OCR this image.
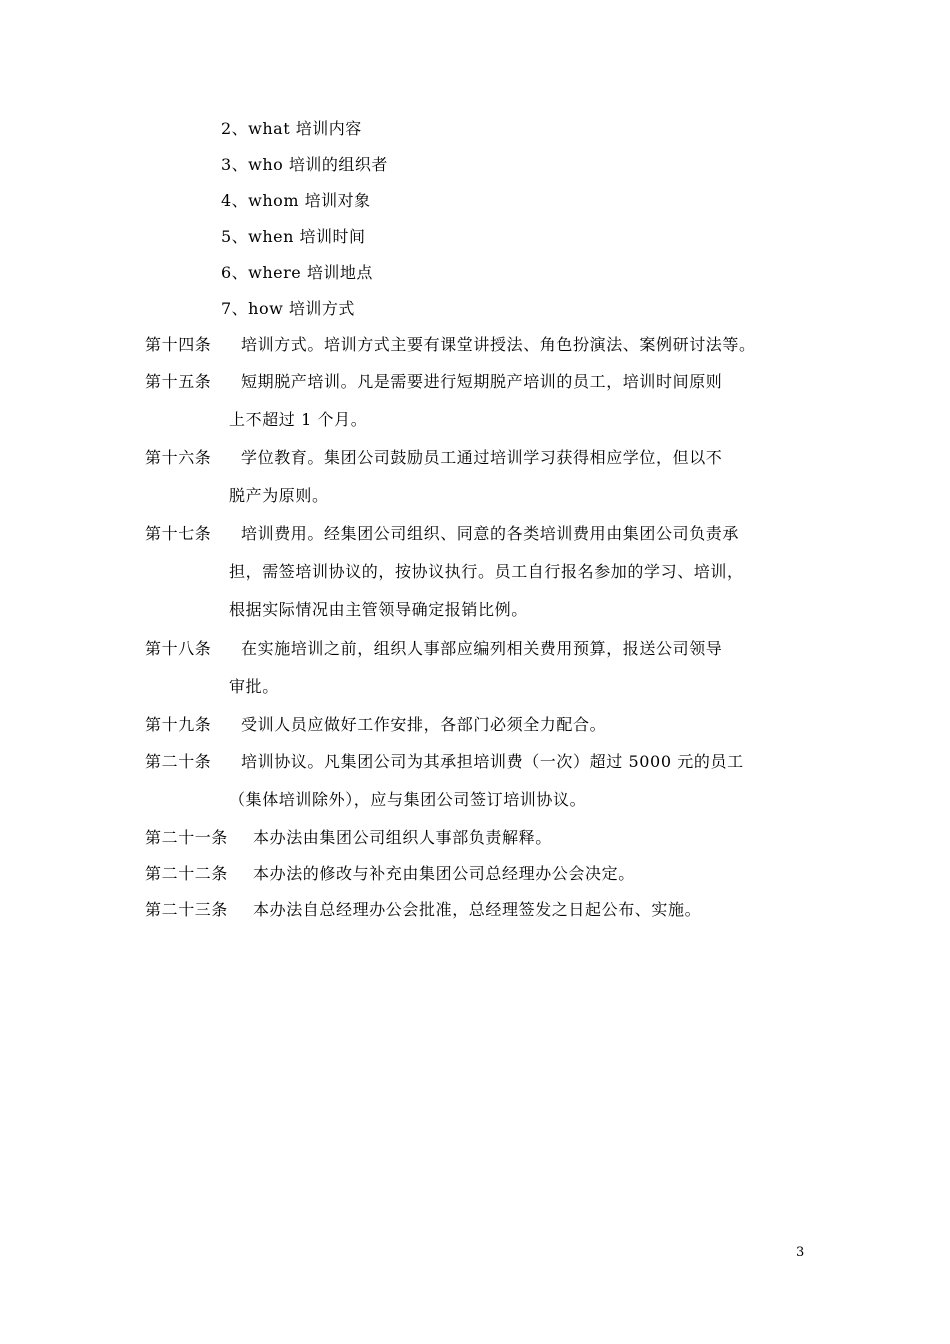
2、what 培训内容
3、who 培训的组织者
4、whom 培训对象
5、when 培训时间
6、where 培训地点
7、how 培训方式
第十四条 培训方式。培训方式主要有课堂讲授法、角色扮演法、案例研讨法等。
第十五条 短期脱产培训。凡是需要进行短期脱产培训的员工，培训时间原则
上不超过 1 个月。
第十六条 学位教育。集团公司鼓励员工通过培训学习获得相应学位，但以不
脱产为原则。
第十七条 培训费用。经集团公司组织、同意的各类培训费用由集团公司负责承
担，需签培训协议的，按协议执行。员工自行报名参加的学习、培训，
根据实际情况由主管领导确定报销比例。
第十八条 在实施培训之前，组织人事部应编列相关费用预算，报送公司领导
审批。
第十九条 受训人员应做好工作安排，各部门必须全力配合。
第二十条 培训协议。凡集团公司为其承担培训费（一次）超过 5000 元的员工
（集体培训除外），应与集团公司签订培训协议。
第二十一条 本办法由集团公司组织人事部负责解释。
第二十二条 本办法的修改与补充由集团公司总经理办公会决定。
第二十三条 本办法自总经理办公会批准，总经理签发之日起公布、实施。
3
